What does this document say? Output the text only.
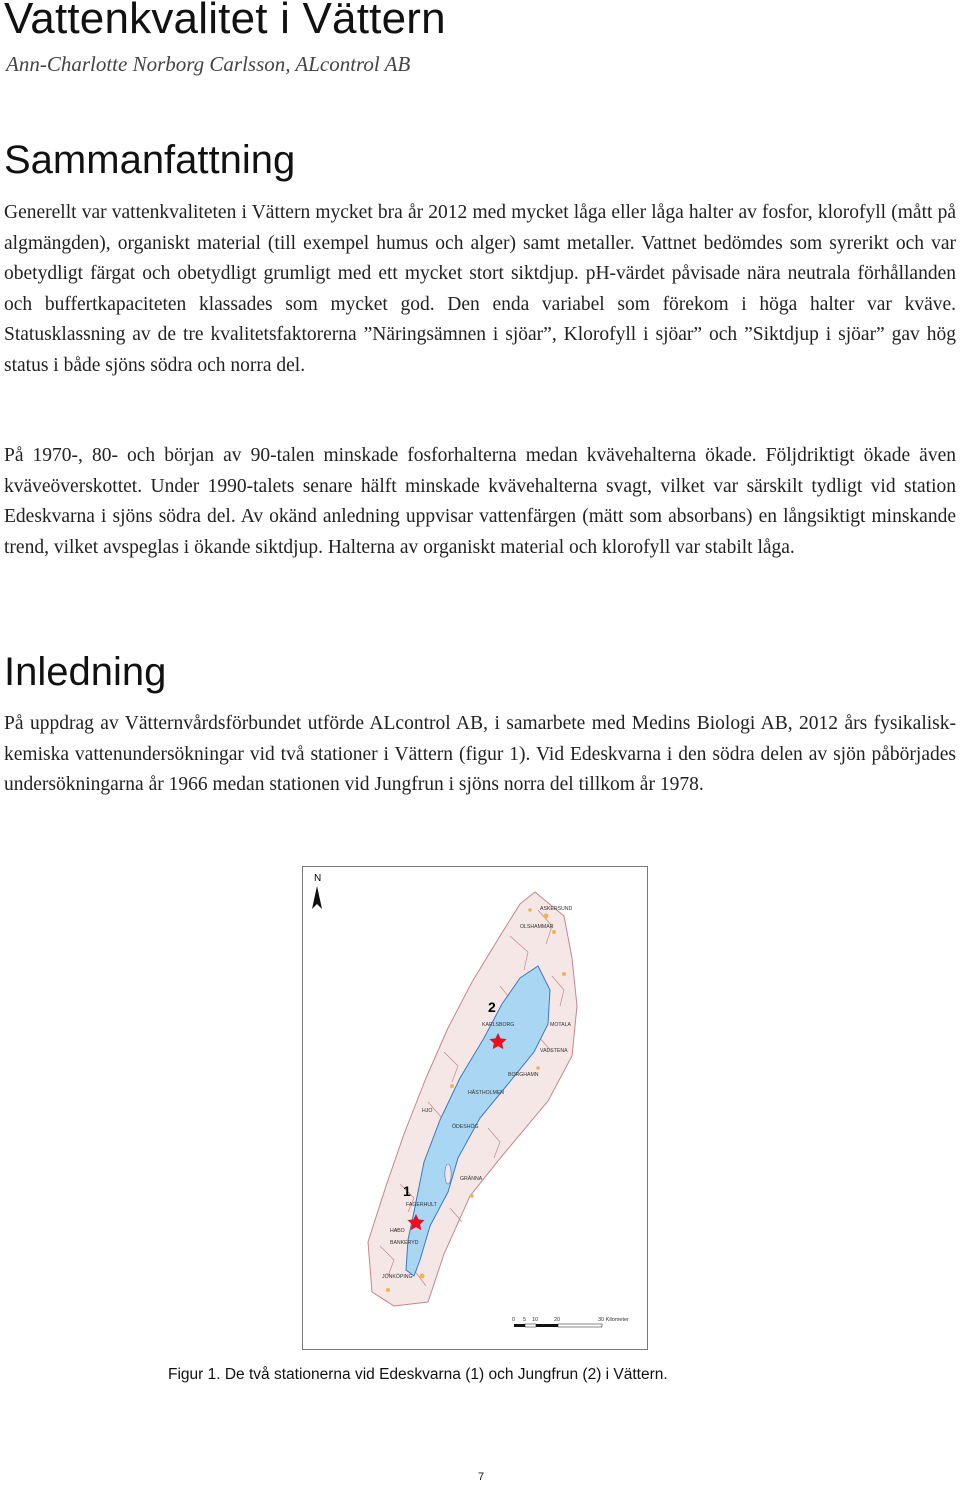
Vattenkvalitet i Vättern

Ann-Charlotte Norborg Carlsson, ALcontrol AB

Sammanfattning

Generellt var vattenkvaliteten i Vättern mycket bra år 2012 med mycket låga eller låga halter av fosfor, klorofyll (mått på algmängden), organiskt material (till exempel humus och alger) samt metaller. Vattnet bedömdes som syrerikt och var obetydligt färgat och obetydligt grumligt med ett mycket stort siktdjup. pH-värdet påvisade nära neutrala förhållanden och buffertkapaciteten klassades som mycket god. Den enda variabel som förekom i höga halter var kväve. Statusklassning av de tre kvalitetsfaktorerna ”Näringsämnen i sjöar”, Klorofyll i sjöar” och ”Siktdjup i sjöar” gav hög status i både sjöns södra och norra del.

På 1970-, 80- och början av 90-talen minskade fosforhalterna medan kvävehalterna ökade. Följdriktigt ökade även kväveöverskottet. Under 1990-talets senare hälft minskade kvävehalterna svagt, vilket var särskilt tydligt vid station Edeskvarna i sjöns södra del. Av okänd anledning uppvisar vattenfärgen (mätt som absorbans) en långsiktigt minskande trend, vilket avspeglas i ökande siktdjup. Halterna av organiskt material och klorofyll var stabilt låga.

Inledning

På uppdrag av Vätternvårdsförbundet utförde ALcontrol AB, i samarbete med Medins Biologi AB, 2012 års fysikalisk-kemiska vattenundersökningar vid två stationer i Vättern (figur 1). Vid Edeskvarna i den södra delen av sjön påbörjades undersökningarna år 1966 medan stationen vid Jungfrun i sjöns norra del tillkom år 1978.

N
2
1
ASKERSUND
OLSHAMMAR
KARLSBORG	MOTALA
VADSTENA
BORGHAMN
HJO
HÄSTHOLMEN
ÖDESHÖG
GRÄNNA
FAGERHULT
HABO
BANKERYD
JÖNKÖPING
0 5 10	20	30 Kilometer

Figur 1. De två stationerna vid Edeskvarna (1) och Jungfrun (2) i Vättern.

7
